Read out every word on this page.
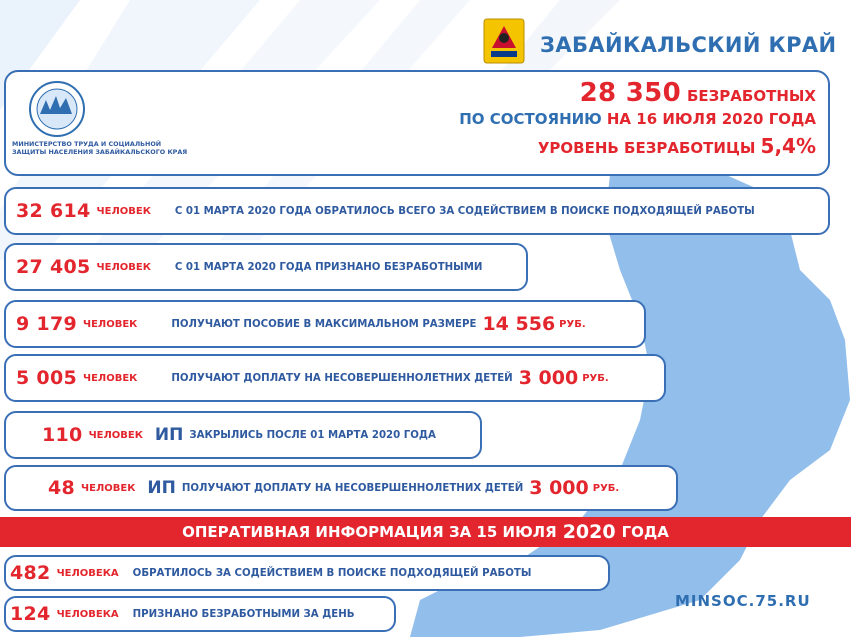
ЗАБАЙКАЛЬСКИЙ КРАЙ
МИНИСТЕРСТВО ТРУДА И СОЦИАЛЬНОЙ
ЗАЩИТЫ НАСЕЛЕНИЯ ЗАБАЙКАЛЬСКОГО КРАЯ
28 350 БЕЗРАБОТНЫХ
ПО СОСТОЯНИЮ НА 16 ИЮЛЯ 2020 ГОДА
УРОВЕНЬ БЕЗРАБОТИЦЫ 5,4%
32 614 ЧЕЛОВЕК С 01 МАРТА 2020 ГОДА ОБРАТИЛОСЬ ВСЕГО ЗА СОДЕЙСТВИЕМ В ПОИСКЕ ПОДХОДЯЩЕЙ РАБОТЫ
27 405 ЧЕЛОВЕК С 01 МАРТА 2020 ГОДА ПРИЗНАНО БЕЗРАБОТНЫМИ
9 179 ЧЕЛОВЕК	ПОЛУЧАЮТ ПОСОБИЕ В МАКСИМАЛЬНОМ РАЗМЕРЕ 14 556 РУБ.
5 005 ЧЕЛОВЕК	ПОЛУЧАЮТ ДОПЛАТУ НА НЕСОВЕРШЕННОЛЕТНИХ ДЕТЕЙ 3 000 РУБ.
110 ЧЕЛОВЕК ИП ЗАКРЫЛИСЬ ПОСЛЕ 01 МАРТА 2020 ГОДА
48 ЧЕЛОВЕК ИП ПОЛУЧАЮТ ДОПЛАТУ НА НЕСОВЕРШЕННОЛЕТНИХ ДЕТЕЙ 3 000 РУБ.
ОПЕРАТИВНАЯ ИНФОРМАЦИЯ ЗА 15 ИЮЛЯ 2020 ГОДА
482 ЧЕЛОВЕКА ОБРАТИЛОСЬ ЗА СОДЕЙСТВИЕМ В ПОИСКЕ ПОДХОДЯЩЕЙ РАБОТЫ
124 ЧЕЛОВЕКА ПРИЗНАНО БЕЗРАБОТНЫМИ ЗА ДЕНЬ
MINSOC.75.RU
